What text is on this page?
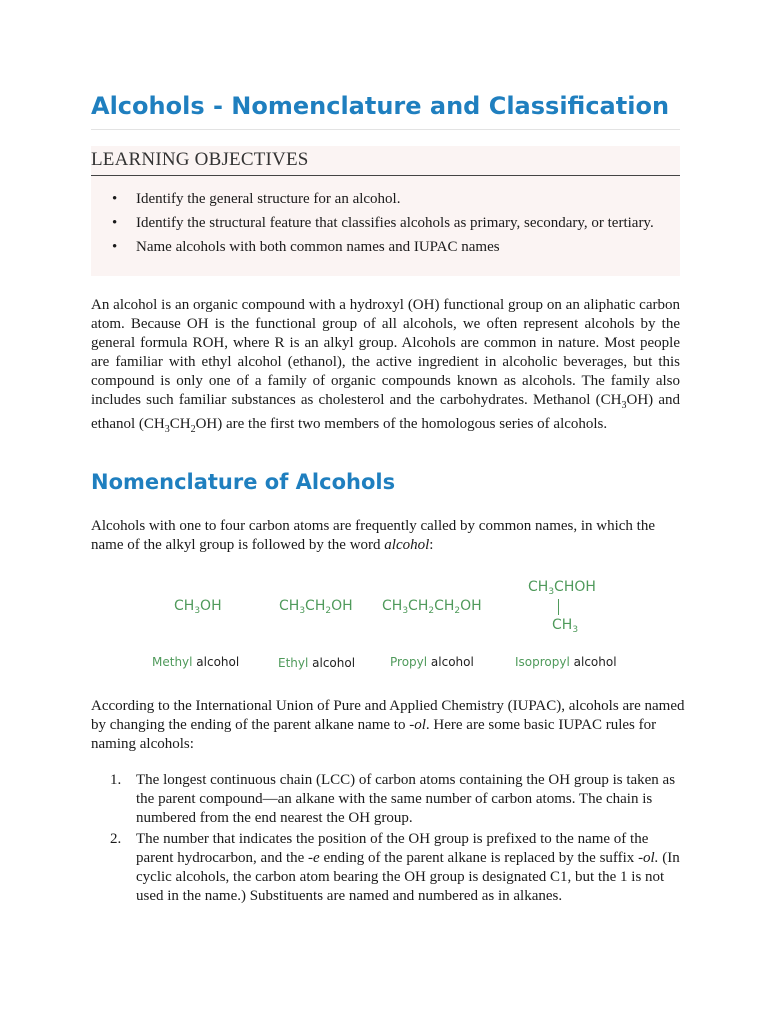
Alcohols - Nomenclature and Classification
LEARNING OBJECTIVES
• Identify the general structure for an alcohol.
• Identify the structural feature that classifies alcohols as primary, secondary, or tertiary.
• Name alcohols with both common names and IUPAC names

An alcohol is an organic compound with a hydroxyl (OH) functional group on an aliphatic carbon atom. Because OH is the functional group of all alcohols, we often represent alcohols by the general formula ROH, where R is an alkyl group. Alcohols are common in nature. Most people are familiar with ethyl alcohol (ethanol), the active ingredient in alcoholic beverages, but this compound is only one of a family of organic compounds known as alcohols. The family also includes such familiar substances as cholesterol and the carbohydrates. Methanol $(CH_3OH)$ and ethanol $(CH_3CH_2OH)$ are the first two members of the homologous series of alcohols.

Nomenclature of Alcohols

Alcohols with one to four carbon atoms are frequently called by common names, in which the name of the alkyl group is followed by the word alcohol:

$CH_3OH$
Methyl alcohol
$CH_3CH_2OH$
Ethyl alcohol
$CH_3CH_2CH_2OH$
Propyl alcohol
$CH_3CHOH$
$CH_3$
Isopropyl alcohol

According to the International Union of Pure and Applied Chemistry (IUPAC), alcohols are named by changing the ending of the parent alkane name to -ol. Here are some basic IUPAC rules for naming alcohols:

1. The longest continuous chain (LCC) of carbon atoms containing the OH group is taken as the parent compound—an alkane with the same number of carbon atoms. The chain is numbered from the end nearest the OH group.
2. The number that indicates the position of the OH group is prefixed to the name of the parent hydrocarbon, and the -e ending of the parent alkane is replaced by the suffix -ol. (In cyclic alcohols, the carbon atom bearing the OH group is designated C1, but the 1 is not used in the name.) Substituents are named and numbered as in alkanes.
